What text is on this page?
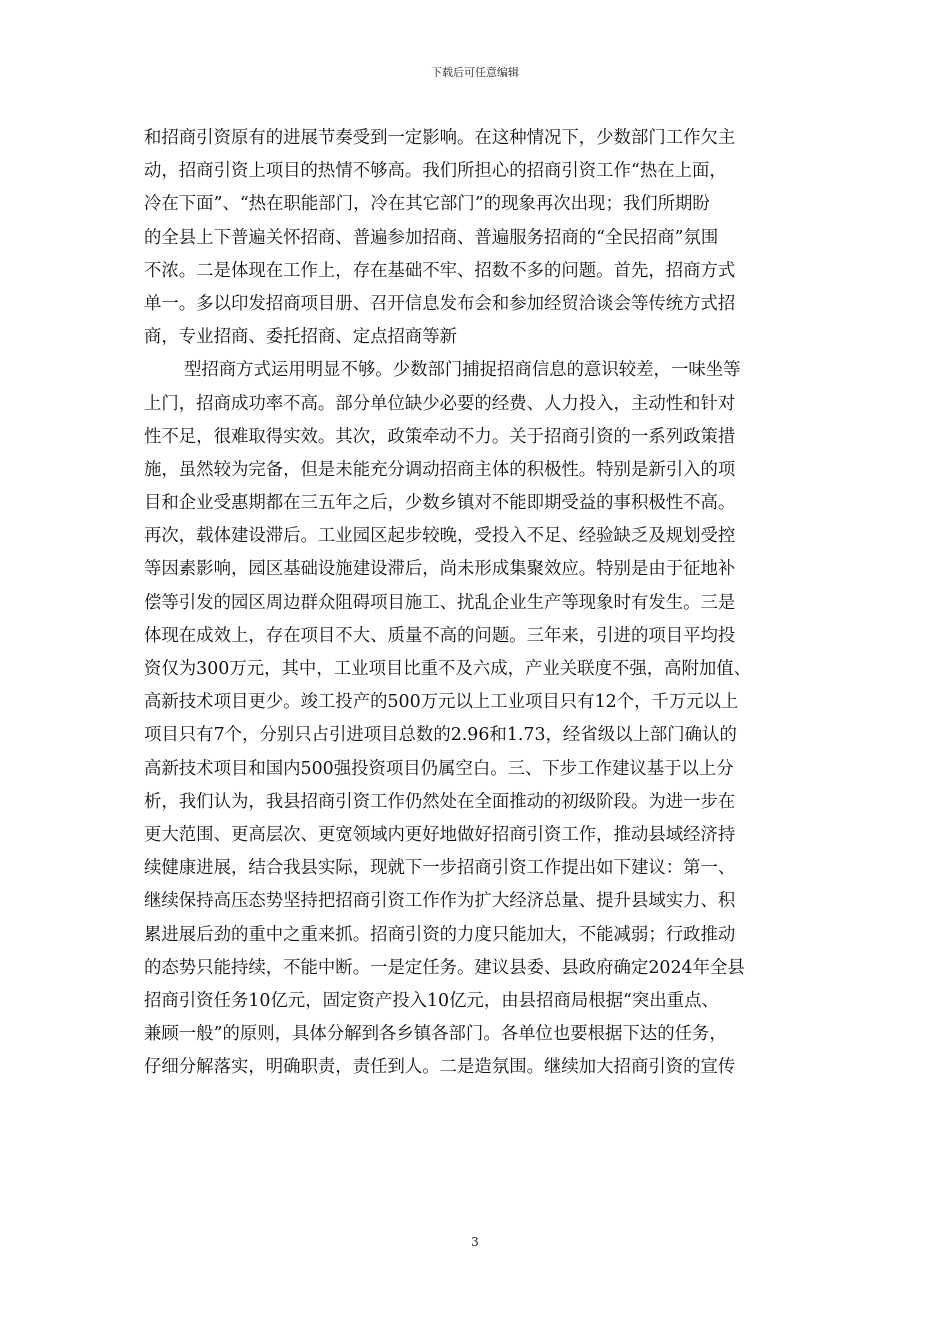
下载后可任意编辑
和招商引资原有的进展节奏受到一定影响。在这种情况下，少数部门工作欠主
动，招商引资上项目的热情不够高。我们所担心的招商引资工作“热在上面，
冷在下面”、“热在职能部门，冷在其它部门”的现象再次出现；我们所期盼
的全县上下普遍关怀招商、普遍参加招商、普遍服务招商的“全民招商”氛围
不浓。二是体现在工作上，存在基础不牢、招数不多的问题。首先，招商方式
单一。多以印发招商项目册、召开信息发布会和参加经贸洽谈会等传统方式招
商，专业招商、委托招商、定点招商等新
型招商方式运用明显不够。少数部门捕捉招商信息的意识较差，一味坐等
上门，招商成功率不高。部分单位缺少必要的经费、人力投入，主动性和针对
性不足，很难取得实效。其次，政策牵动不力。关于招商引资的一系列政策措
施，虽然较为完备，但是未能充分调动招商主体的积极性。特别是新引入的项
目和企业受惠期都在三五年之后，少数乡镇对不能即期受益的事积极性不高。
再次，载体建设滞后。工业园区起步较晚，受投入不足、经验缺乏及规划受控
等因素影响，园区基础设施建设滞后，尚未形成集聚效应。特别是由于征地补
偿等引发的园区周边群众阻碍项目施工、扰乱企业生产等现象时有发生。三是
体现在成效上，存在项目不大、质量不高的问题。三年来，引进的项目平均投
资仅为300万元，其中，工业项目比重不及六成，产业关联度不强，高附加值、
高新技术项目更少。竣工投产的500万元以上工业项目只有12个，千万元以上
项目只有7个，分别只占引进项目总数的2.96和1.73，经省级以上部门确认的
高新技术项目和国内500强投资项目仍属空白。三、下步工作建议基于以上分
析，我们认为，我县招商引资工作仍然处在全面推动的初级阶段。为进一步在
更大范围、更高层次、更宽领域内更好地做好招商引资工作，推动县域经济持
续健康进展，结合我县实际，现就下一步招商引资工作提出如下建议：第一、
继续保持高压态势坚持把招商引资工作作为扩大经济总量、提升县域实力、积
累进展后劲的重中之重来抓。招商引资的力度只能加大，不能减弱；行政推动
的态势只能持续，不能中断。一是定任务。建议县委、县政府确定2024年全县
招商引资任务10亿元，固定资产投入10亿元，由县招商局根据“突出重点、
兼顾一般”的原则，具体分解到各乡镇各部门。各单位也要根据下达的任务，
仔细分解落实，明确职责，责任到人。二是造氛围。继续加大招商引资的宣传
3
